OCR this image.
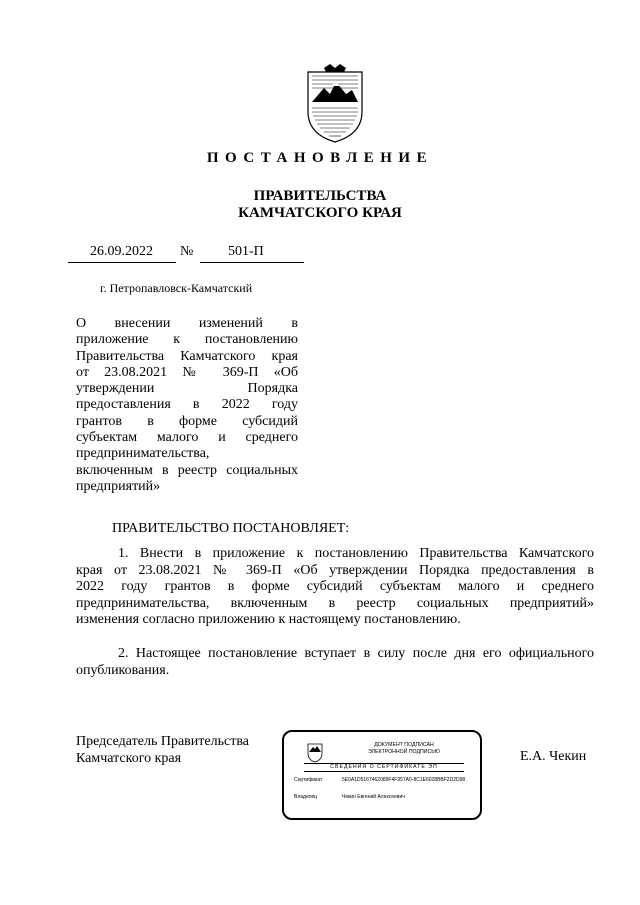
ПОСТАНОВЛЕНИЕ
ПРАВИТЕЛЬСТВА
КАМЧАТСКОГО КРАЯ
26.09.2022	№ 501-П
г. Петропавловск-Камчатский
О внесении изменений в
приложение к постановлению
Правительства Камчатского края
от 23.08.2021 № 369-П «Об
утверждении Порядка
предоставления в 2022 году
грантов в форме субсидий
субъектам малого и среднего
предпринимательства,
включенным в реестр социальных
предприятий»
ПРАВИТЕЛЬСТВО ПОСТАНОВЛЯЕТ:
1. Внести в приложение к постановлению Правительства Камчатского
края от 23.08.2021 № 369-П «Об утверждении Порядка предоставления в
2022 году грантов в форме субсидий субъектам малого и среднего
предпринимательства, включенным в реестр социальных предприятий»
изменения согласно приложению к настоящему постановлению.
2. Настоящее постановление вступает в силу после дня его официального
опубликования.
Председатель Правительства
Камчатского края
ДОКУМЕНТ ПОДПИСАН
ЭЛЕКТРОННОЙ ПОДПИСЬЮ
СВЕДЕНИЯ О СЕРТИФИКАТЕ ЭП
Сертификат	5E0A1D5167462089F4F957A0-8C1E6028BBF2D2D98
Владелец	Чекин Евгений Алексеевич
Е.А. Чекин
